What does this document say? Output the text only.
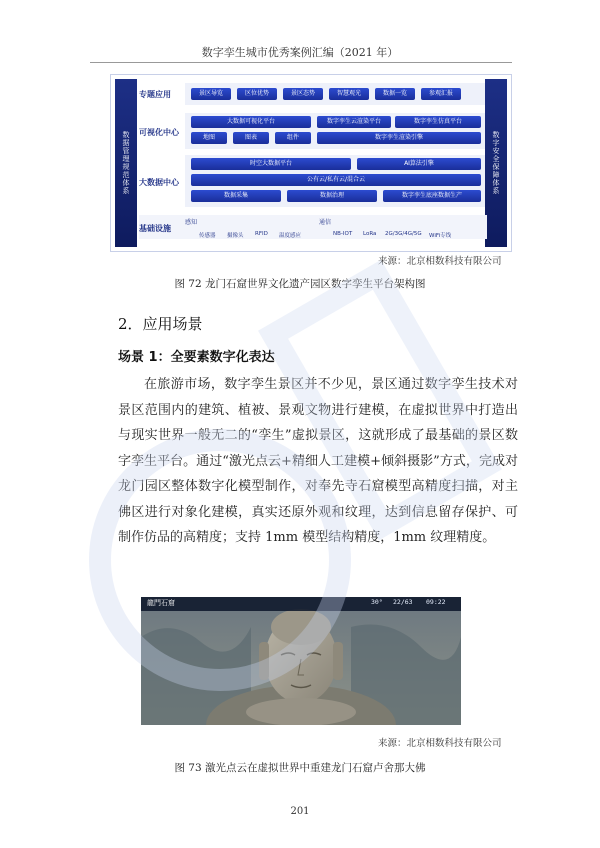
数字孪生城市优秀案例汇编（2021 年）
数据管理规范体系	数字安全保障体系
专题应用	景区导览	区位优势	景区态势	智慧观光	数据一览	参观汇报
可视化中心
大数据可视化平台
地图	图表	组件
数字孪生云渲染平台	数字孪生仿真平台
数字孪生渲染引擎
大数据中心
时空大数据平台	AI算法引擎
公有云/私有云/混合云
数据采集	数据治理	数字孪生底座数据生产
基础设施
感知
传感器 摄像头 RFID 温度感应
通信
NB-IOT LoRa 2G/3G/4G/5G WiFi专线
来源：北京相数科技有限公司
图 72 龙门石窟世界文化遗产园区数字孪生平台架构图
2．应用场景
场景 1：全要素数字化表达
在旅游市场，数字孪生景区并不少见，景区通过数字孪生技术对景区范围内的建筑、植被、景观文物进行建模，在虚拟世界中打造出与现实世界一般无二的“孪生”虚拟景区，这就形成了最基础的景区数字孪生平台。通过“激光点云+精细人工建模+倾斜摄影”方式，完成对龙门园区整体数字化模型制作，对奉先寺石窟模型高精度扫描，对主佛区进行对象化建模，真实还原外观和纹理，达到信息留存保护、可制作仿品的高精度；支持 1mm 模型结构精度，1mm 纹理精度。
龍門石窟	30° 22/63 09:22
来源：北京相数科技有限公司
图 73 激光点云在虚拟世界中重建龙门石窟卢舍那大佛
201
